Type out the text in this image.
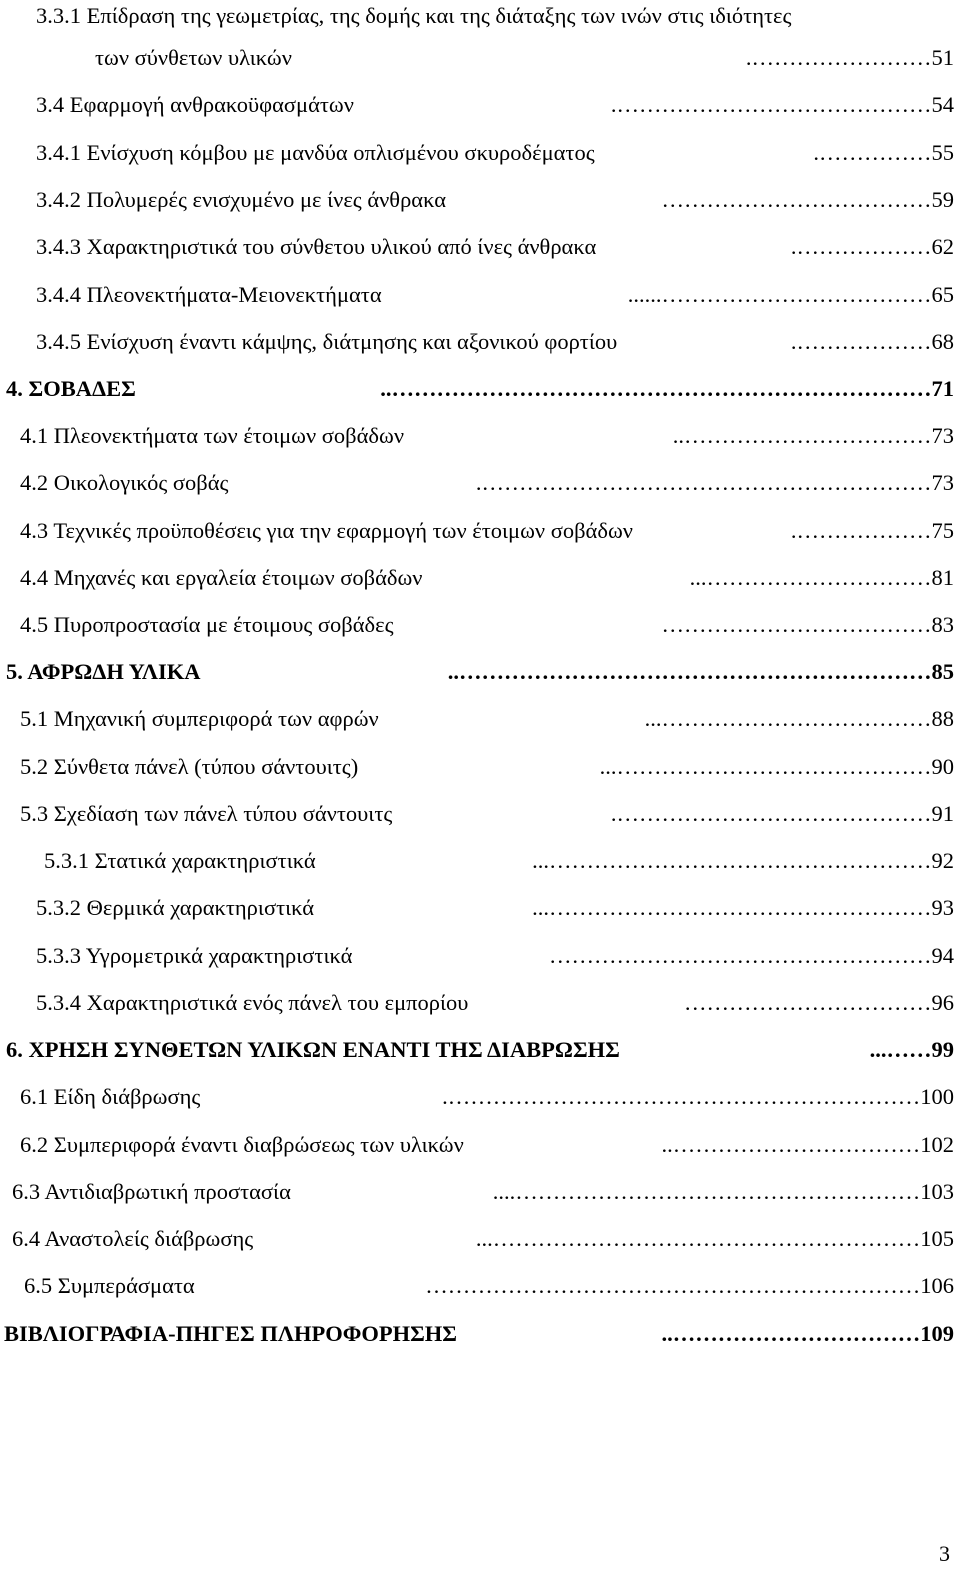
3.3.1 Επίδραση της γεωμετρίας, της δομής και της διάταξης των ινών στις ιδιότητες
των σύνθετων υλικών	……………………. 51
3.4 Εφαρμογή ανθρακοϋφασμάτων	……………………………………. 54
3.4.1 Ενίσχυση κόμβου με μανδύα οπλισμένου σκυροδέματος	……………. 55
3.4.2 Πολυμερές ενισχυμένο με ίνες άνθρακα	……………………………… 59
3.4.3 Χαρακτηριστικά του σύνθετου υλικού από ίνες άνθρακα	………………. 62
3.4.4 Πλεονεκτήματα-Μειονεκτήματα	………………………………...... 65
3.4.5 Ενίσχυση έναντι κάμψης, διάτμησης και αξονικού φορτίου	………………. 68
4. ΣΟΒΑΔΕΣ	……………………………………………………………….. 71
4.1 Πλεονεκτήματα των έτοιμων σοβάδων	…………………………….. 73
4.2 Οικολογικός σοβάς	……………………………………………………. 73
4.3 Τεχνικές προϋποθέσεις για την εφαρμογή των έτοιμων σοβάδων	………………. 75
4.4 Μηχανές και εργαλεία έτοιμων σοβάδων	…………………………... 81
4.5 Πυροπροστασία με έτοιμους σοβάδες	……………………………… 83
5. ΑΦΡΩΔΗ ΥΛΙΚΑ	……………………………………………………….. 85
5.1 Μηχανική συμπεριφορά των αφρών	………………………………... 88
5.2 Σύνθετα πάνελ (τύπου σάντουιτς)	……………………………………... 90
5.3 Σχεδίαση των πάνελ τύπου σάντουιτς	……………………………………. 91
5.3.1 Στατικά χαρακτηριστικά	……………………………………………... 92
5.3.2 Θερμικά χαρακτηριστικά	……………………………………………... 93
5.3.3 Υγρομετρικά χαρακτηριστικά	…………………………………………… 94
5.3.4 Χαρακτηριστικά ενός πάνελ του εμπορίου	…………………………… 96
6. ΧΡΗΣΗ ΣΥΝΘΕΤΩΝ ΥΛΙΚΩΝ ΕΝΑΝΤΙ ΤΗΣ ΔΙΑΒΡΩΣΗΣ	……... 99
6.1 Είδη διάβρωσης	………………………………………………………. 100
6.2 Συμπεριφορά έναντι διαβρώσεως των υλικών	…………………………….. 102
6.3 Αντιδιαβρωτική προστασία	……………………………………………….... 103
6.4 Αναστολείς διάβρωσης	…………………………………………………... 105
6.5 Συμπεράσματα	………………………………………………………… 106
ΒΙΒΛΙΟΓΡΑΦΙΑ-ΠΗΓΕΣ ΠΛΗΡΟΦΟΡΗΣΗΣ	…………………………….. 109
3
